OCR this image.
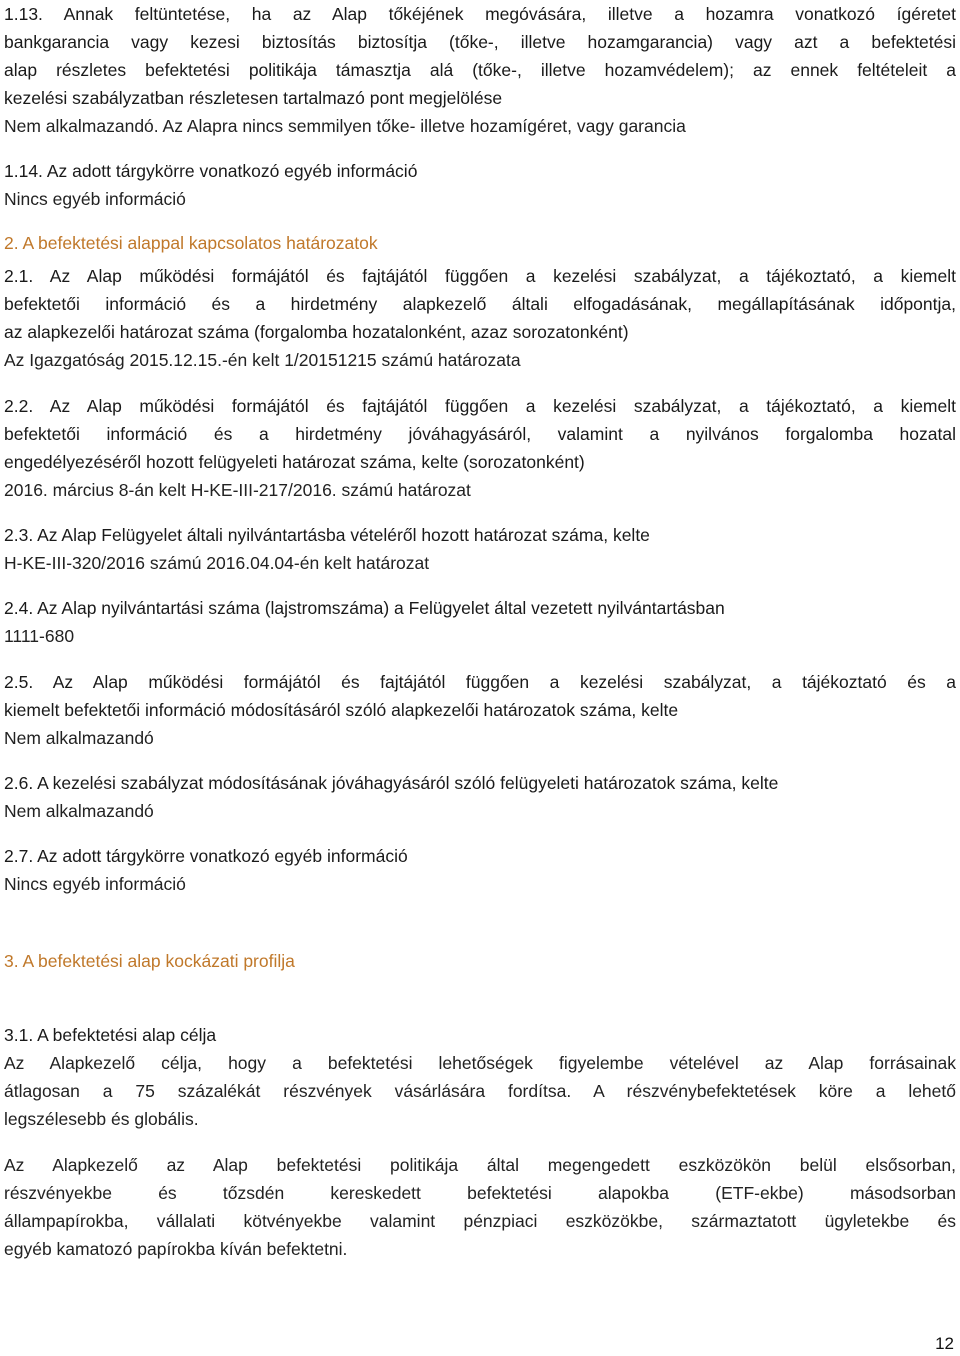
1.13. Annak feltüntetése, ha az Alap tőkéjének megóvására, illetve a hozamra vonatkozó ígéretet
bankgarancia vagy kezesi biztosítás biztosítja (tőke-, illetve hozamgarancia) vagy azt a befektetési
alap részletes befektetési politikája támasztja alá (tőke-, illetve hozamvédelem); az ennek feltételeit a
kezelési szabályzatban részletesen tartalmazó pont megjelölése
Nem alkalmazandó. Az Alapra nincs semmilyen tőke- illetve hozamígéret, vagy garancia
1.14. Az adott tárgykörre vonatkozó egyéb információ
Nincs egyéb információ
2. A befektetési alappal kapcsolatos határozatok
2.1. Az Alap működési formájától és fajtájától függően a kezelési szabályzat, a tájékoztató, a kiemelt
befektetői információ és a hirdetmény alapkezelő általi elfogadásának, megállapításának időpontja,
az alapkezelői határozat száma (forgalomba hozatalonként, azaz sorozatonként)
Az Igazgatóság 2015.12.15.-én kelt 1/20151215 számú határozata
2.2. Az Alap működési formájától és fajtájától függően a kezelési szabályzat, a tájékoztató, a kiemelt
befektetői információ és a hirdetmény jóváhagyásáról, valamint a nyilvános forgalomba hozatal
engedélyezéséről hozott felügyeleti határozat száma, kelte (sorozatonként)
2016. március 8-án kelt H-KE-III-217/2016. számú határozat
2.3. Az Alap Felügyelet általi nyilvántartásba vételéről hozott határozat száma, kelte
H-KE-III-320/2016 számú 2016.04.04-én kelt határozat
2.4. Az Alap nyilvántartási száma (lajstromszáma) a Felügyelet által vezetett nyilvántartásban
1111-680
2.5. Az Alap működési formájától és fajtájától függően a kezelési szabályzat, a tájékoztató és a
kiemelt befektetői információ módosításáról szóló alapkezelői határozatok száma, kelte
Nem alkalmazandó
2.6. A kezelési szabályzat módosításának jóváhagyásáról szóló felügyeleti határozatok száma, kelte
Nem alkalmazandó
2.7. Az adott tárgykörre vonatkozó egyéb információ
Nincs egyéb információ
3. A befektetési alap kockázati profilja
3.1. A befektetési alap célja
Az Alapkezelő célja, hogy a befektetési lehetőségek figyelembe vételével az Alap forrásainak
átlagosan a 75 százalékát részvények vásárlására fordítsa. A részvénybefektetések köre a lehető
legszélesebb és globális.
Az Alapkezelő az Alap befektetési politikája által megengedett eszközökön belül elsősorban,
részvényekbe és tőzsdén kereskedett befektetési alapokba (ETF-ekbe) másodsorban
állampapírokba, vállalati kötvényekbe valamint pénzpiaci eszközökbe, származtatott ügyletekbe és
egyéb kamatozó papírokba kíván befektetni.
12
